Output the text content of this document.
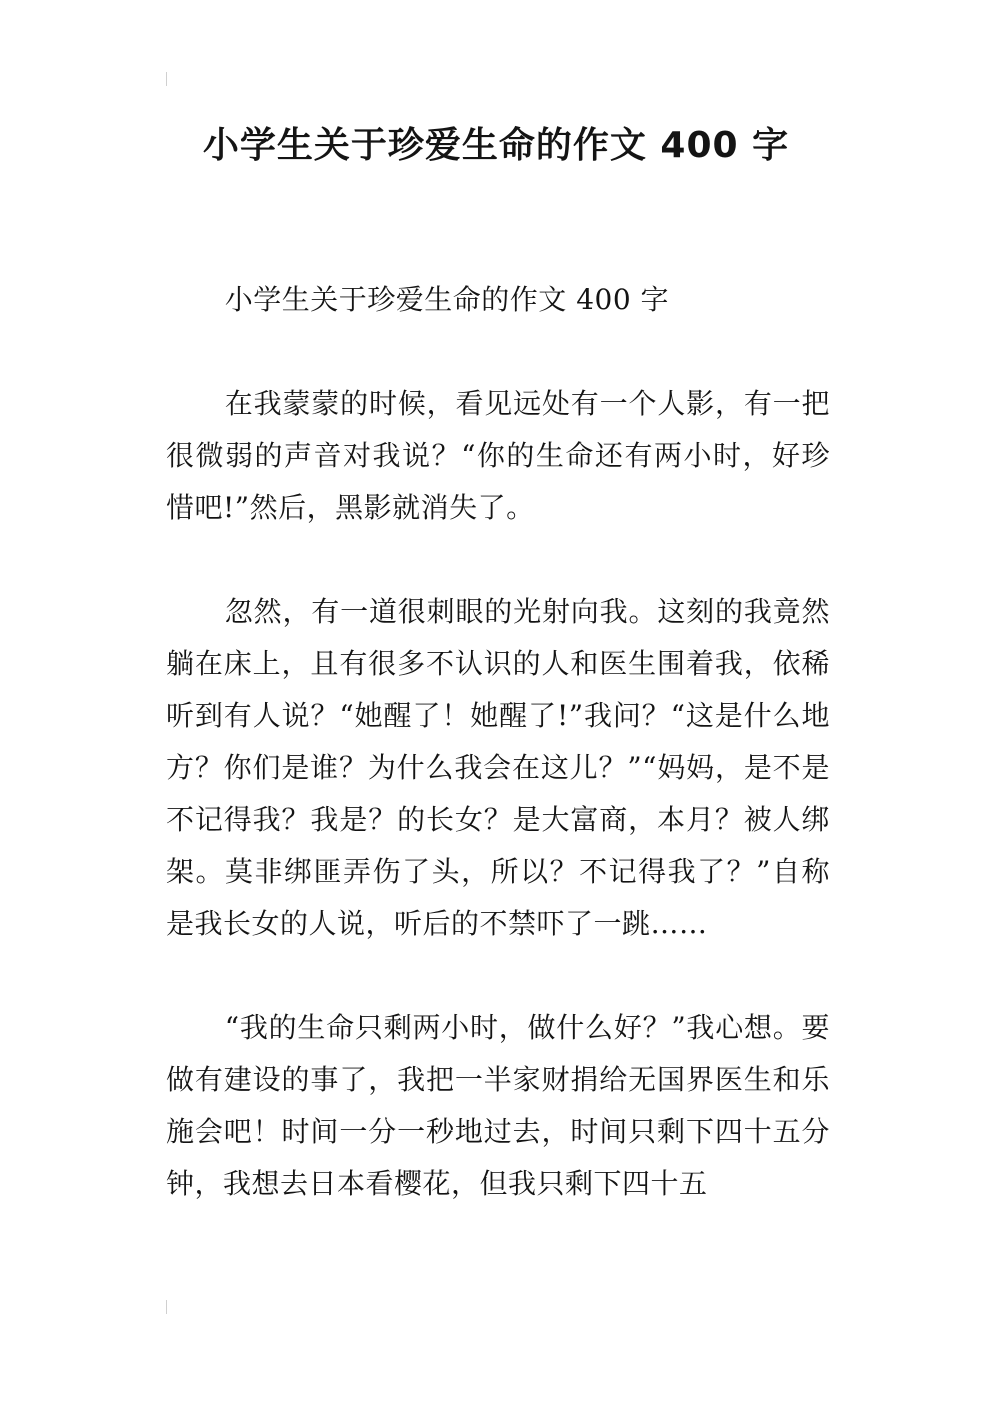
小学生关于珍爱生命的作文 400 字

小学生关于珍爱生命的作文 400 字

在我蒙蒙的时候，看见远处有一个人影，有一把很微弱的声音对我说？“你的生命还有两小时，好珍惜吧!”然后，黑影就消失了。

忽然，有一道很刺眼的光射向我。这刻的我竟然躺在床上，且有很多不认识的人和医生围着我，依稀听到有人说？“她醒了！她醒了!”我问？“这是什么地方？你们是谁？为什么我会在这儿？”“妈妈，是不是不记得我？我是？的长女？是大富商，本月？被人绑架。莫非绑匪弄伤了头，所以？不记得我了？”自称是我长女的人说，听后的不禁吓了一跳……

“我的生命只剩两小时，做什么好？”我心想。要做有建设的事了，我把一半家财捐给无国界医生和乐施会吧！时间一分一秒地过去，时间只剩下四十五分钟，我想去日本看樱花，但我只剩下四十五
